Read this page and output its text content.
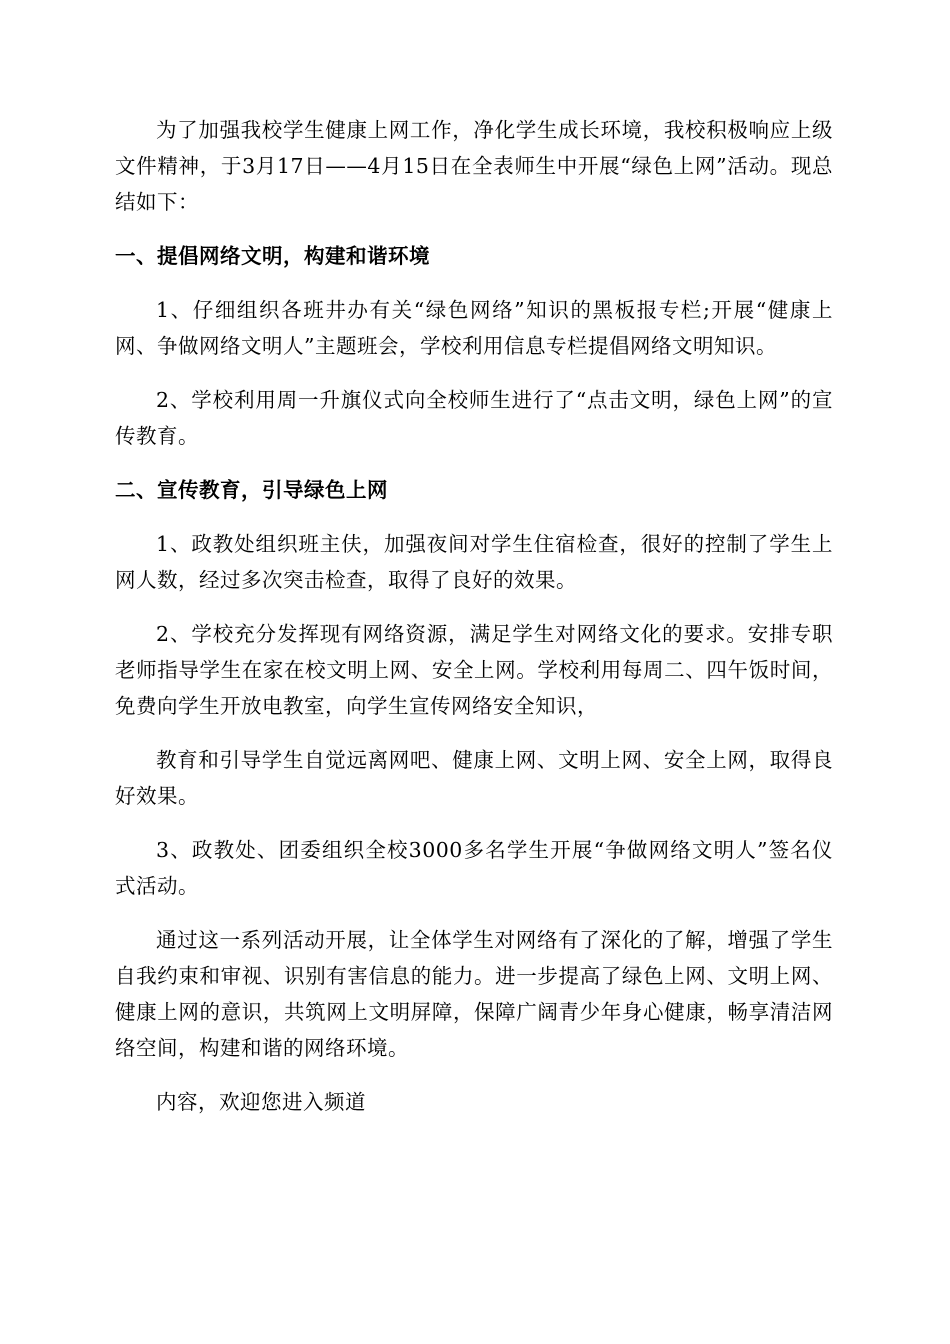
为了加强我校学生健康上网工作，净化学生成长环境，我校积极响应上级文件精神，于3月17日——4月15日在全表师生中开展“绿色上网”活动。现总结如下：

一、提倡网络文明，构建和谐环境

1、仔细组织各班井办有关“绿色网络”知识的黑板报专栏;开展“健康上网、争做网络文明人”主题班会，学校利用信息专栏提倡网络文明知识。

2、学校利用周一升旗仪式向全校师生进行了“点击文明，绿色上网”的宣传教育。

二、宣传教育，引导绿色上网

1、政教处组织班主伕，加强夜间对学生住宿检查，很好的控制了学生上网人数，经过多次突击检查，取得了良好的效果。

2、学校充分发挥现有网络资源，满足学生对网络文化的要求。安排专职老师指导学生在家在校文明上网、安全上网。学校利用每周二、四午饭时间，免费向学生开放电教室，向学生宣传网络安全知识，

教育和引导学生自觉远离网吧、健康上网、文明上网、安全上网，取得良好效果。

3、政教处、团委组织全校3000多名学生开展“争做网络文明人”签名仪式活动。

通过这一系列活动开展，让全体学生对网络有了深化的了解，增强了学生自我约束和审视、识别有害信息的能力。进一步提高了绿色上网、文明上网、健康上网的意识，共筑网上文明屏障，保障广阔青少年身心健康，畅享清洁网络空间，构建和谐的网络环境。

内容，欢迎您进入频道
